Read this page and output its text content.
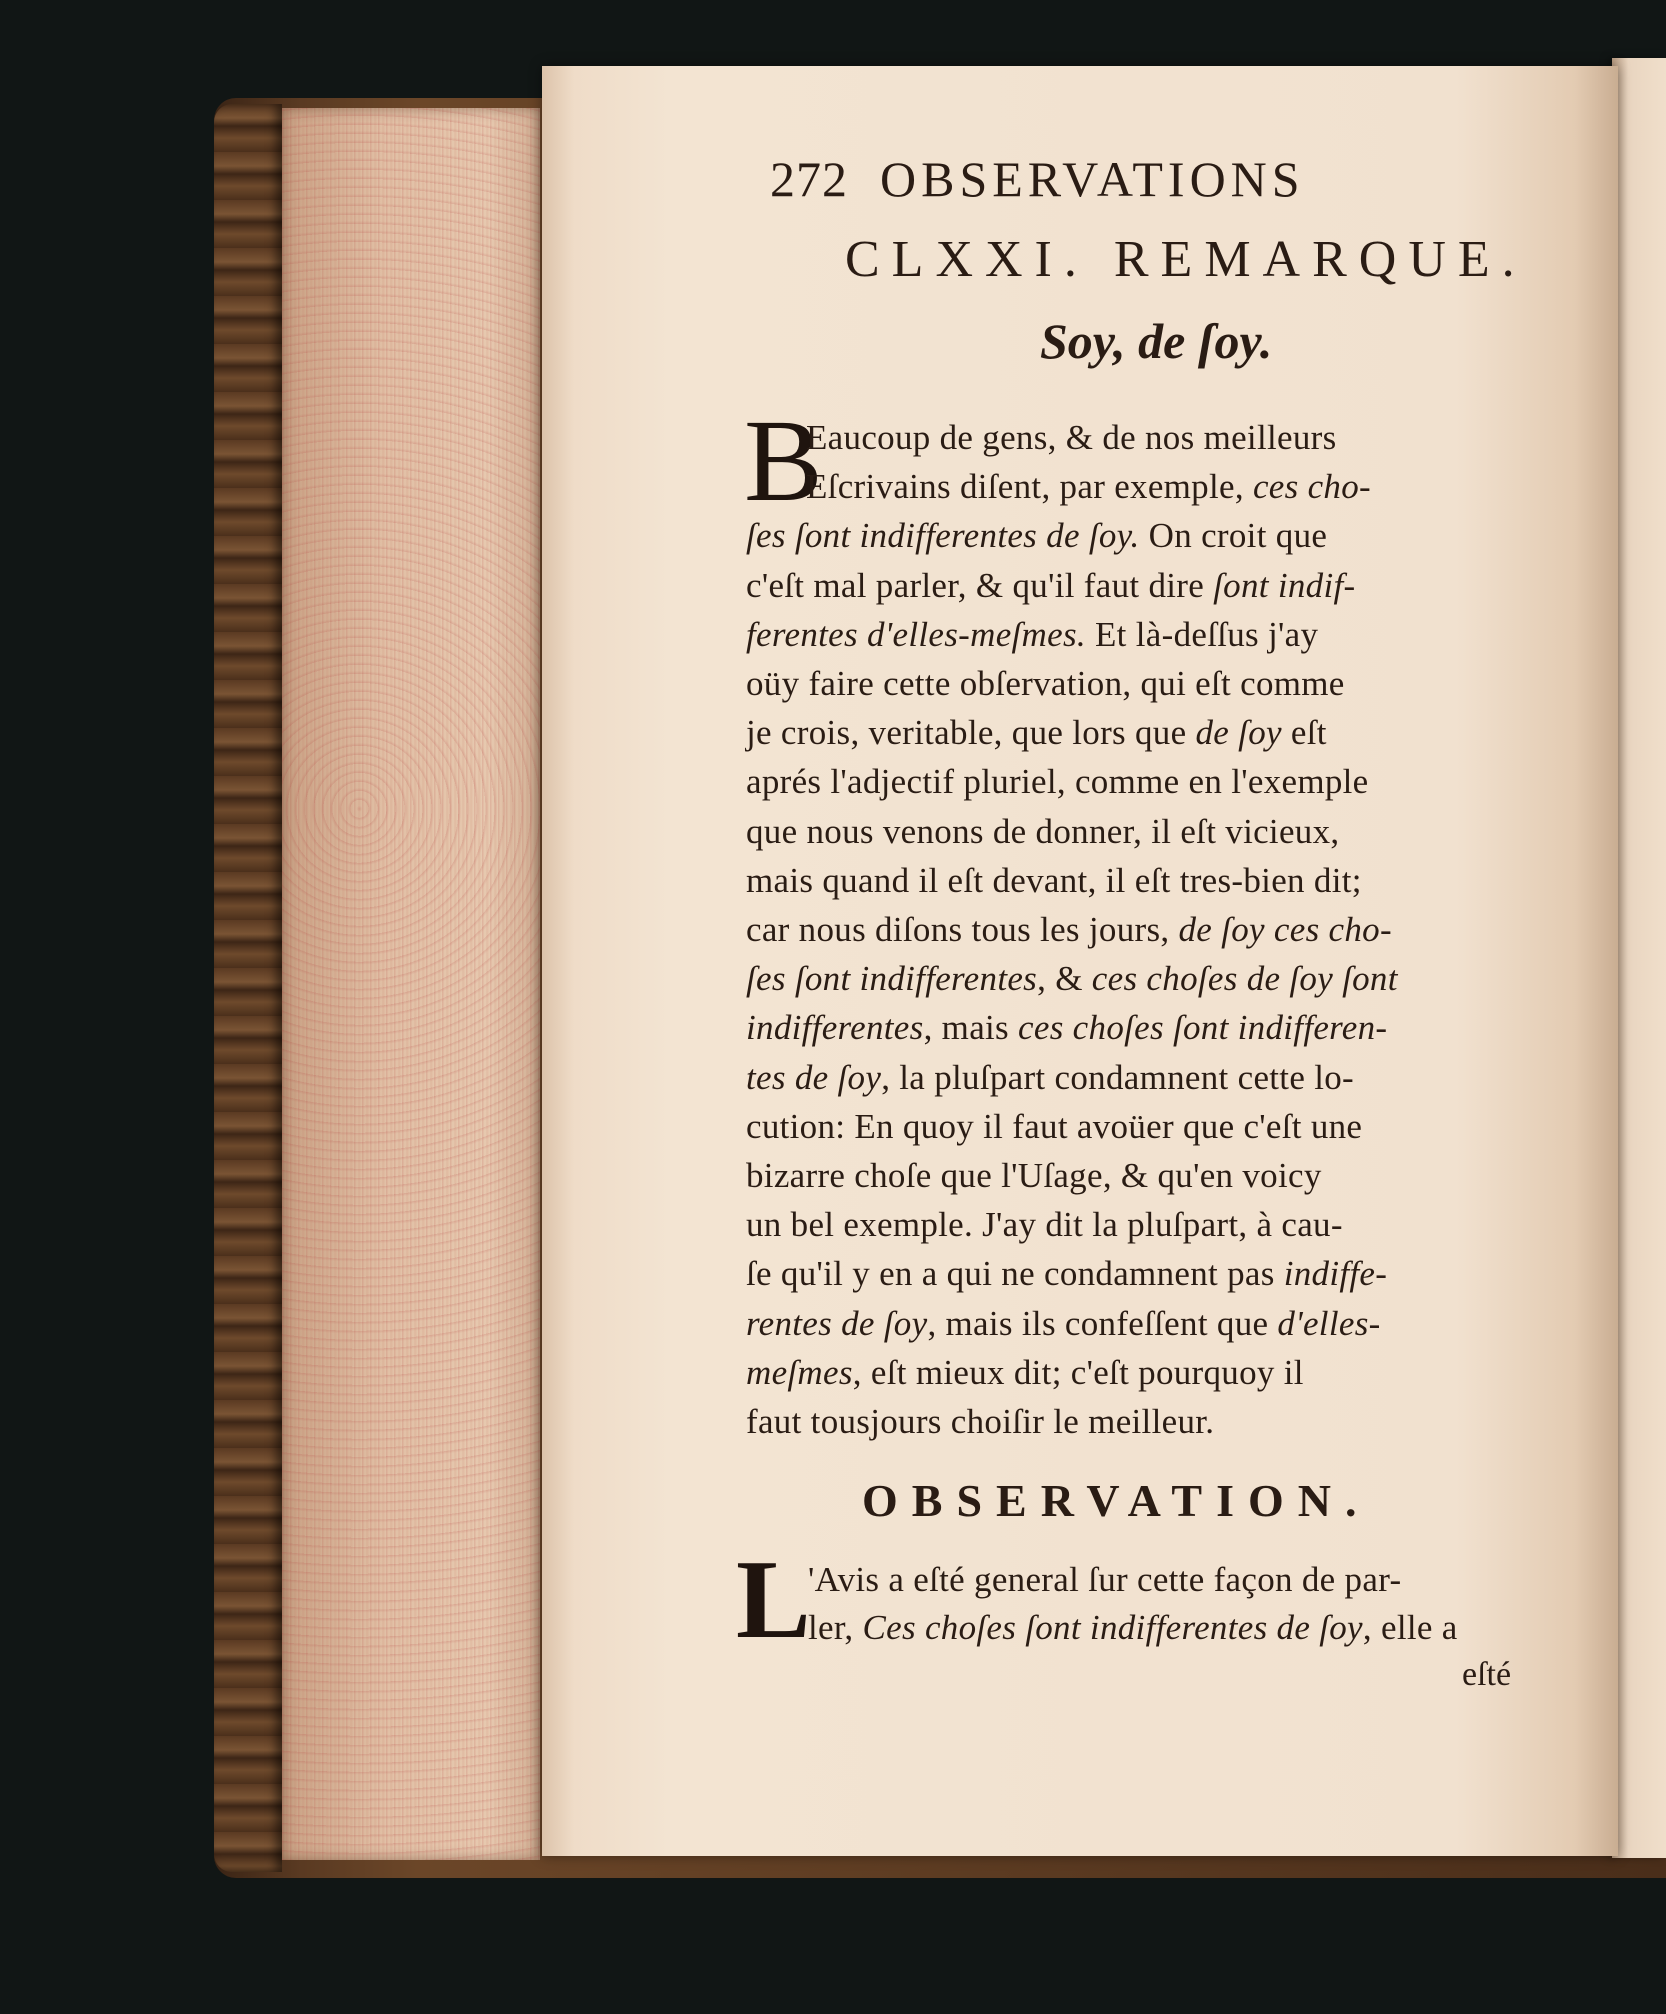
272 OBSERVATIONS
CLXXI. REMARQUE.
Soy, de ſoy.
B
Eaucoup de gens, & de nos meilleurs
Eſcrivains diſent, par exemple, ces cho-
ſes ſont indifferentes de ſoy. On croit que
c'eſt mal parler, & qu'il faut dire ſont indif-
ferentes d'elles-meſmes. Et là-deſſus j'ay
oüy faire cette obſervation, qui eſt comme
je crois, veritable, que lors que de ſoy eſt
aprés l'adjectif pluriel, comme en l'exemple
que nous venons de donner, il eſt vicieux,
mais quand il eſt devant, il eſt tres-bien dit;
car nous diſons tous les jours, de ſoy ces cho-
ſes ſont indifferentes, & ces choſes de ſoy ſont
indifferentes, mais ces choſes ſont indifferen-
tes de ſoy, la pluſpart condamnent cette lo-
cution: En quoy il faut avoüer que c'eſt une
bizarre choſe que l'Uſage, & qu'en voicy
un bel exemple. J'ay dit la pluſpart, à cau-
ſe qu'il y en a qui ne condamnent pas indiffe-
rentes de ſoy, mais ils confeſſent que d'elles-
meſmes, eſt mieux dit; c'eſt pourquoy il
faut tousjours choiſir le meilleur.
OBSERVATION.
L
'Avis a eſté general ſur cette façon de par-
ler, Ces choſes ſont indifferentes de ſoy, elle a
eſté
